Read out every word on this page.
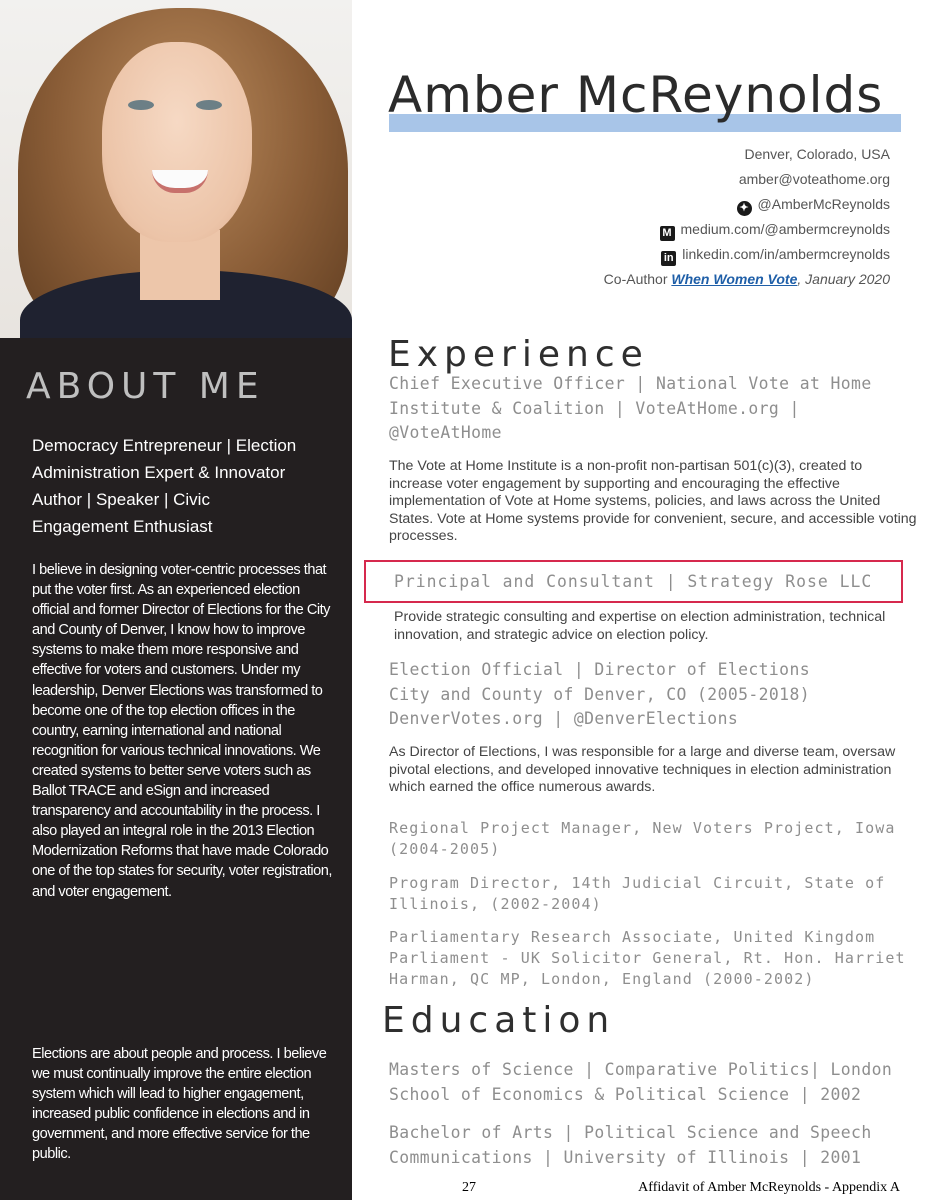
ABOUT ME
Democracy Entrepreneur | Election
Administration Expert & Innovator
Author | Speaker | Civic
Engagement Enthusiast
I believe in designing voter-centric processes that put the voter first. As an experienced election official and former Director of Elections for the City and County of Denver, I know how to improve systems to make them more responsive and effective for voters and customers. Under my leadership, Denver Elections was transformed to become one of the top election offices in the country, earning international and national recognition for various technical innovations. We created systems to better serve voters such as Ballot TRACE and eSign and increased transparency and accountability in the process. I also played an integral role in the 2013 Election Modernization Reforms that have made Colorado one of the top states for security, voter registration, and voter engagement.
Elections are about people and process. I believe we must continually improve the entire election system which will lead to higher engagement, increased public confidence in elections and in government, and more effective service for the public.
Amber McReynolds
Denver, Colorado, USA
amber@voteathome.org
✦ @AmberMcReynolds
M medium.com/@ambermcreynolds
in linkedin.com/in/ambermcreynolds
Co-Author When Women Vote, January 2020
Experience
Chief Executive Officer | National Vote at Home
Institute & Coalition | VoteAtHome.org |
@VoteAtHome
The Vote at Home Institute is a non-profit non-partisan 501(c)(3), created to increase voter engagement by supporting and encouraging the effective implementation of Vote at Home systems, policies, and laws across the United States. Vote at Home systems provide for convenient, secure, and accessible voting processes.
Principal and Consultant | Strategy Rose LLC
Provide strategic consulting and expertise on election administration, technical innovation, and strategic advice on election policy.
Election Official | Director of Elections
City and County of Denver, CO (2005-2018)
DenverVotes.org | @DenverElections
As Director of Elections, I was responsible for a large and diverse team, oversaw pivotal elections, and developed innovative techniques in election administration which earned the office numerous awards.
Regional Project Manager, New Voters Project, Iowa
(2004-2005)
Program Director, 14th Judicial Circuit, State of
Illinois, (2002-2004)
Parliamentary Research Associate, United Kingdom
Parliament - UK Solicitor General, Rt. Hon. Harriet
Harman, QC MP, London, England (2000-2002)
Education
Masters of Science | Comparative Politics| London
School of Economics & Political Science | 2002
Bachelor of Arts | Political Science and Speech
Communications | University of Illinois | 2001
27	Affidavit of Amber McReynolds - Appendix A
